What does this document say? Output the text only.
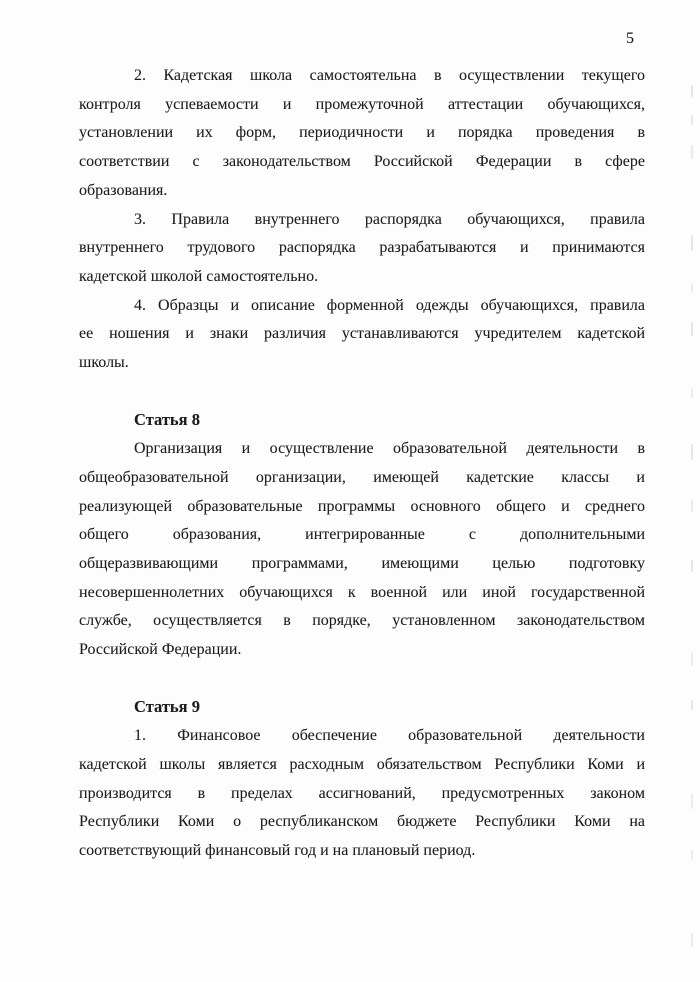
5
2. Кадетская школа самостоятельна в осуществлении текущего
контроля успеваемости и промежуточной аттестации обучающихся,
установлении их форм, периодичности и порядка проведения в
соответствии с законодательством Российской Федерации в сфере
образования.
3. Правила внутреннего распорядка обучающихся, правила
внутреннего трудового распорядка разрабатываются и принимаются
кадетской школой самостоятельно.
4. Образцы и описание форменной одежды обучающихся, правила
ее ношения и знаки различия устанавливаются учредителем кадетской
школы.
Статья 8
Организация и осуществление образовательной деятельности в
общеобразовательной организации, имеющей кадетские классы и
реализующей образовательные программы основного общего и среднего
общего образования, интегрированные с дополнительными
общеразвивающими программами, имеющими целью подготовку
несовершеннолетних обучающихся к военной или иной государственной
службе, осуществляется в порядке, установленном законодательством
Российской Федерации.
Статья 9
1. Финансовое обеспечение образовательной деятельности
кадетской школы является расходным обязательством Республики Коми и
производится в пределах ассигнований, предусмотренных законом
Республики Коми о республиканском бюджете Республики Коми на
соответствующий финансовый год и на плановый период.
